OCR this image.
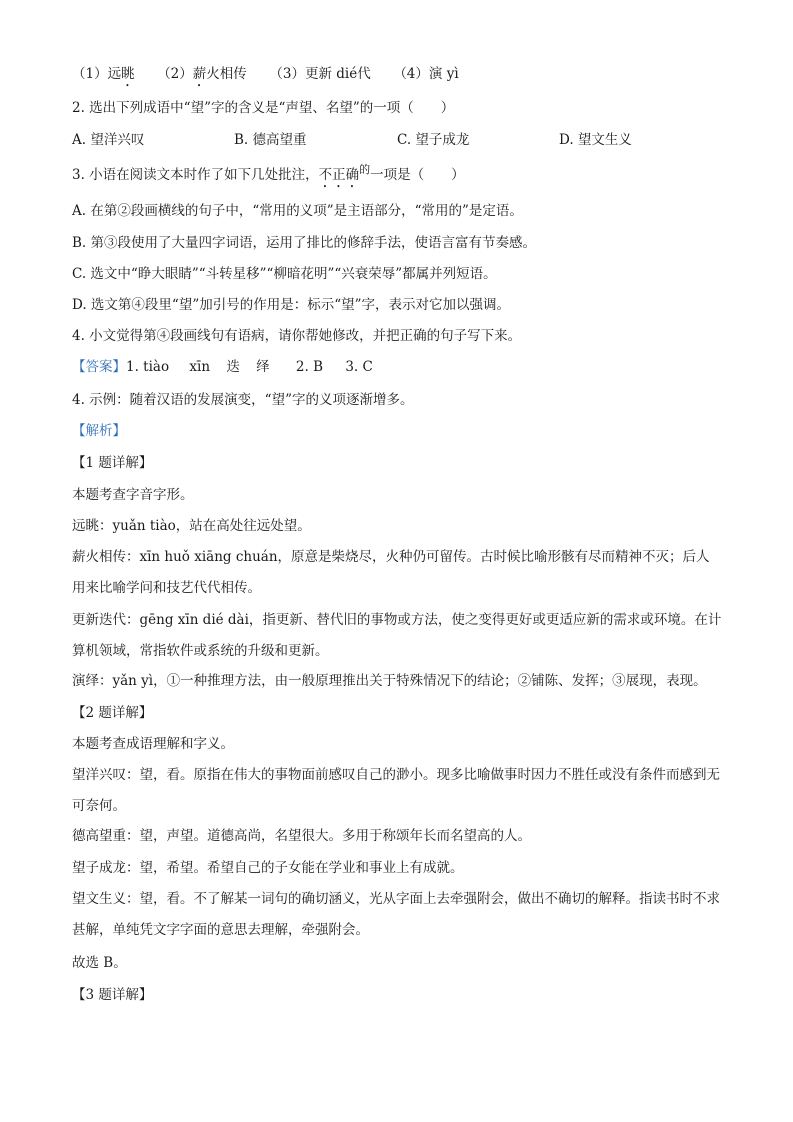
（1）远眺 （2）薪火相传 （3）更新 dié代 （4）演 yì
2. 选出下列成语中“望”字的含义是“声望、名望”的一项（　　）
A. 望洋兴叹	B. 德高望重	C. 望子成龙	D. 望文生义
3. 小语在阅读文本时作了如下几处批注，不正确$^的$一项是（　　）
A. 在第②段画横线的句子中，“常用的义项”是主语部分，“常用的”是定语。
B. 第③段使用了大量四字词语，运用了排比的修辞手法，使语言富有节奏感。
C. 选文中“睁大眼睛”“斗转星移”“柳暗花明”“兴衰荣辱”都属并列短语。
D. 选文第④段里“望”加引号的作用是：标示“望”字，表示对它加以强调。
4. 小文觉得第④段画线句有语病，请你帮她修改，并把正确的句子写下来。
【答案】1. tiào xīn 迭 绎 2. B 3. C
4. 示例：随着汉语的发展演变，“望”字的义项逐渐增多。
【解析】
【1 题详解】
本题考查字音字形。
远眺：yuǎn tiào，站在高处往远处望。
薪火相传：xīn huǒ xiāng chuán，原意是柴烧尽，火种仍可留传。古时候比喻形骸有尽而精神不灭；后人用来比喻学问和技艺代代相传。
更新迭代：gēng xīn dié dài，指更新、替代旧的事物或方法，使之变得更好或更适应新的需求或环境。在计算机领域，常指软件或系统的升级和更新。
演绎：yǎn yì，①一种推理方法，由一般原理推出关于特殊情况下的结论；②铺陈、发挥；③展现，表现。
【2 题详解】
本题考查成语理解和字义。
望洋兴叹：望，看。原指在伟大的事物面前感叹自己的渺小。现多比喻做事时因力不胜任或没有条件而感到无可奈何。
德高望重：望，声望。道德高尚，名望很大。多用于称颂年长而名望高的人。
望子成龙：望，希望。希望自己的子女能在学业和事业上有成就。
望文生义：望，看。不了解某一词句的确切涵义，光从字面上去牵强附会，做出不确切的解释。指读书时不求甚解，单纯凭文字字面的意思去理解，牵强附会。
故选 B。
【3 题详解】
